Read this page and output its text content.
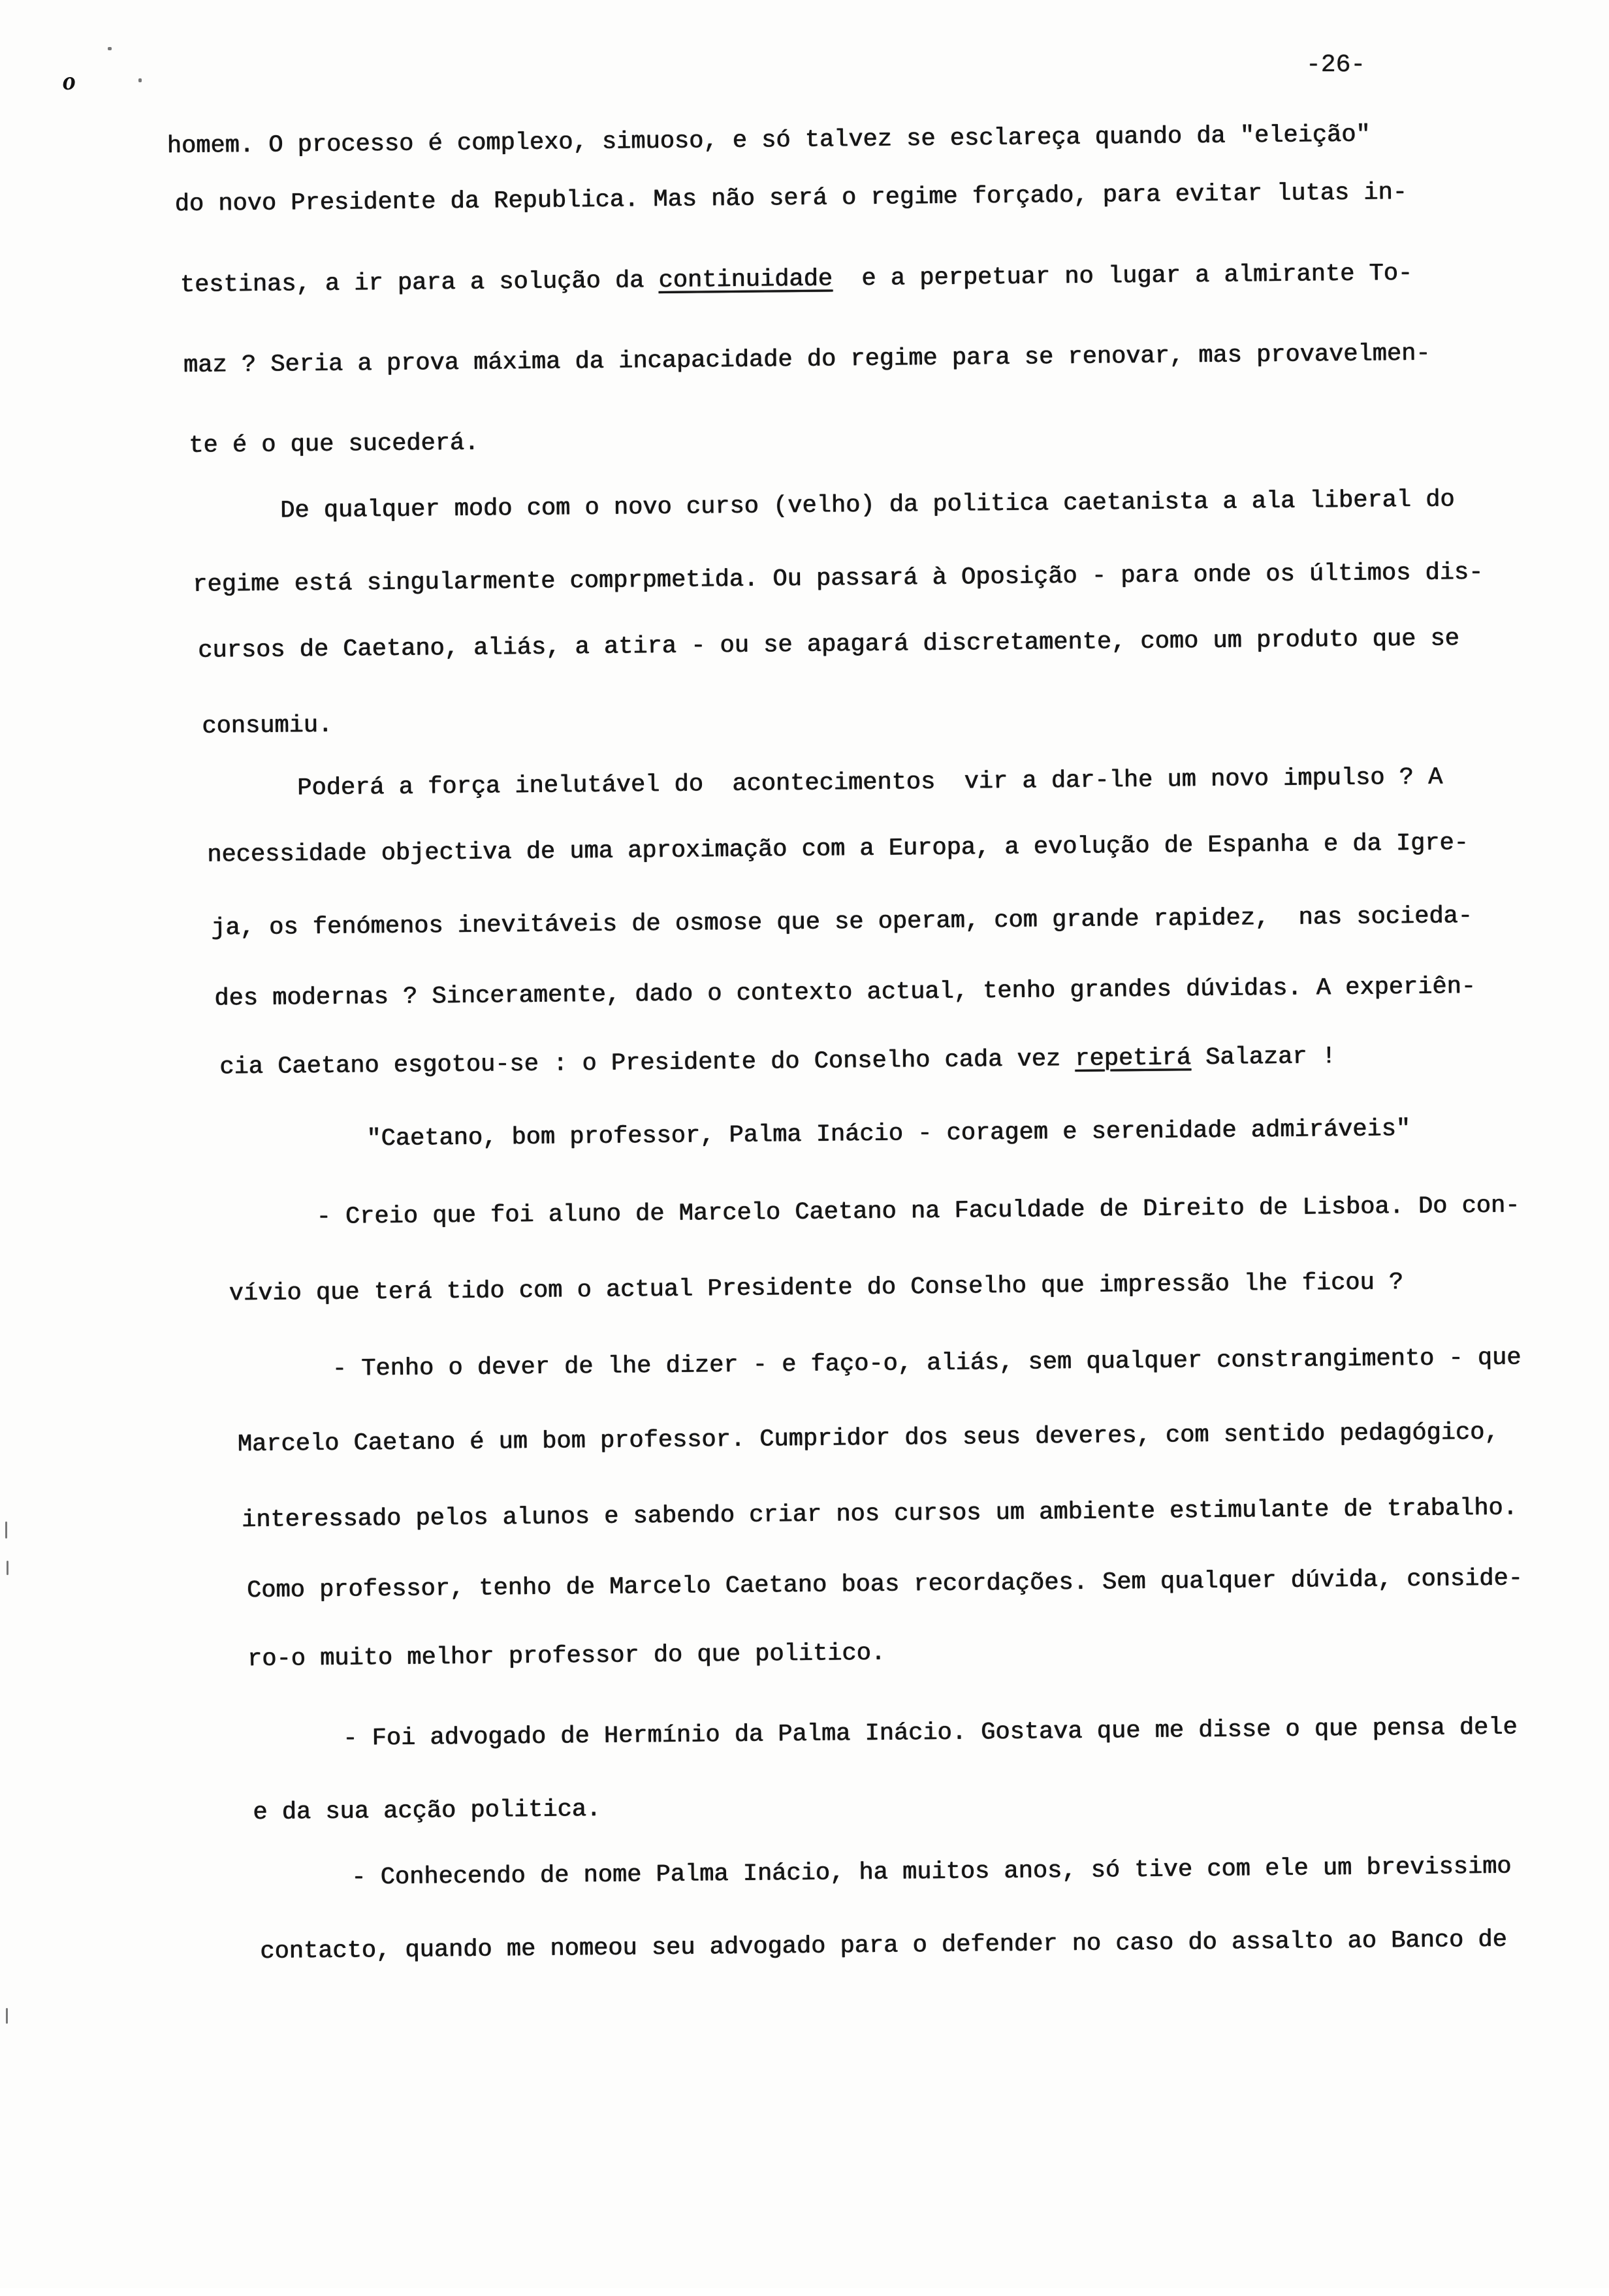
o
-26-
homem. O processo é complexo, simuoso, e só talvez se esclareça quando da "eleição"
do novo Presidente da Republica. Mas não será o regime forçado, para evitar lutas in-
testinas, a ir para a solução da continuidade  e a perpetuar no lugar a almirante To-
maz ? Seria a prova máxima da incapacidade do regime para se renovar, mas provavelmen-
te é o que sucederá.
De qualquer modo com o novo curso (velho) da politica caetanista a ala liberal do
regime está singularmente comprpmetida. Ou passará à Oposição - para onde os últimos dis-
cursos de Caetano, aliás, a atira - ou se apagará discretamente, como um produto que se
consumiu.
Poderá a força inelutável do  acontecimentos  vir a dar-lhe um novo impulso ? A
necessidade objectiva de uma aproximação com a Europa, a evolução de Espanha e da Igre-
ja, os fenómenos inevitáveis de osmose que se operam, com grande rapidez,  nas socieda-
des modernas ? Sinceramente, dado o contexto actual, tenho grandes dúvidas. A experiên-
cia Caetano esgotou-se : o Presidente do Conselho cada vez repetirá Salazar !
"Caetano, bom professor, Palma Inácio - coragem e serenidade admiráveis"
- Creio que foi aluno de Marcelo Caetano na Faculdade de Direito de Lisboa. Do con-
vívio que terá tido com o actual Presidente do Conselho que impressão lhe ficou ?
- Tenho o dever de lhe dizer - e faço-o, aliás, sem qualquer constrangimento - que
Marcelo Caetano é um bom professor. Cumpridor dos seus deveres, com sentido pedagógico,
interessado pelos alunos e sabendo criar nos cursos um ambiente estimulante de trabalho.
Como professor, tenho de Marcelo Caetano boas recordações. Sem qualquer dúvida, conside-
ro-o muito melhor professor do que politico.
- Foi advogado de Hermínio da Palma Inácio. Gostava que me disse o que pensa dele
e da sua acção politica.
- Conhecendo de nome Palma Inácio, ha muitos anos, só tive com ele um brevissimo
contacto, quando me nomeou seu advogado para o defender no caso do assalto ao Banco de
